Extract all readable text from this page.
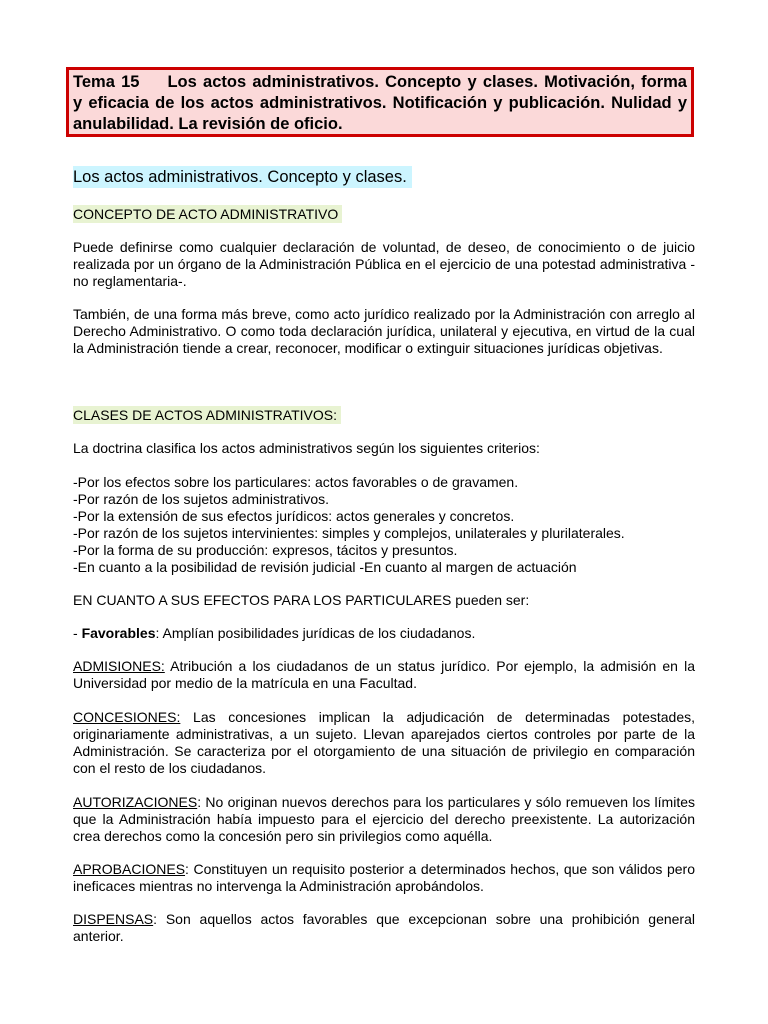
Tema 15 Los actos administrativos. Concepto y clases. Motivación, forma y eficacia de los actos administrativos. Notificación y publicación. Nulidad y anulabilidad. La revisión de oficio.
Los actos administrativos. Concepto y clases.
CONCEPTO DE ACTO ADMINISTRATIVO

Puede definirse como cualquier declaración de voluntad, de deseo, de conocimiento o de juicio realizada por un órgano de la Administración Pública en el ejercicio de una potestad administrativa -no reglamentaria-.

También, de una forma más breve, como acto jurídico realizado por la Administración con arreglo al Derecho Administrativo. O como toda declaración jurídica, unilateral y ejecutiva, en virtud de la cual la Administración tiende a crear, reconocer, modificar o extinguir situaciones jurídicas objetivas.

CLASES DE ACTOS ADMINISTRATIVOS:

La doctrina clasifica los actos administrativos según los siguientes criterios:

-Por los efectos sobre los particulares: actos favorables o de gravamen.
-Por razón de los sujetos administrativos.
-Por la extensión de sus efectos jurídicos: actos generales y concretos.
-Por razón de los sujetos intervinientes: simples y complejos, unilaterales y plurilaterales.
-Por la forma de su producción: expresos, tácitos y presuntos.
-En cuanto a la posibilidad de revisión judicial -En cuanto al margen de actuación

EN CUANTO A SUS EFECTOS PARA LOS PARTICULARES pueden ser:

- Favorables: Amplían posibilidades jurídicas de los ciudadanos.

ADMISIONES: Atribución a los ciudadanos de un status jurídico. Por ejemplo, la admisión en la Universidad por medio de la matrícula en una Facultad.

CONCESIONES: Las concesiones implican la adjudicación de determinadas potestades, originariamente administrativas, a un sujeto. Llevan aparejados ciertos controles por parte de la Administración. Se caracteriza por el otorgamiento de una situación de privilegio en comparación con el resto de los ciudadanos.

AUTORIZACIONES: No originan nuevos derechos para los particulares y sólo remueven los límites que la Administración había impuesto para el ejercicio del derecho preexistente. La autorización crea derechos como la concesión pero sin privilegios como aquélla.

APROBACIONES: Constituyen un requisito posterior a determinados hechos, que son válidos pero ineficaces mientras no intervenga la Administración aprobándolos.

DISPENSAS: Son aquellos actos favorables que excepcionan sobre una prohibición general anterior.
